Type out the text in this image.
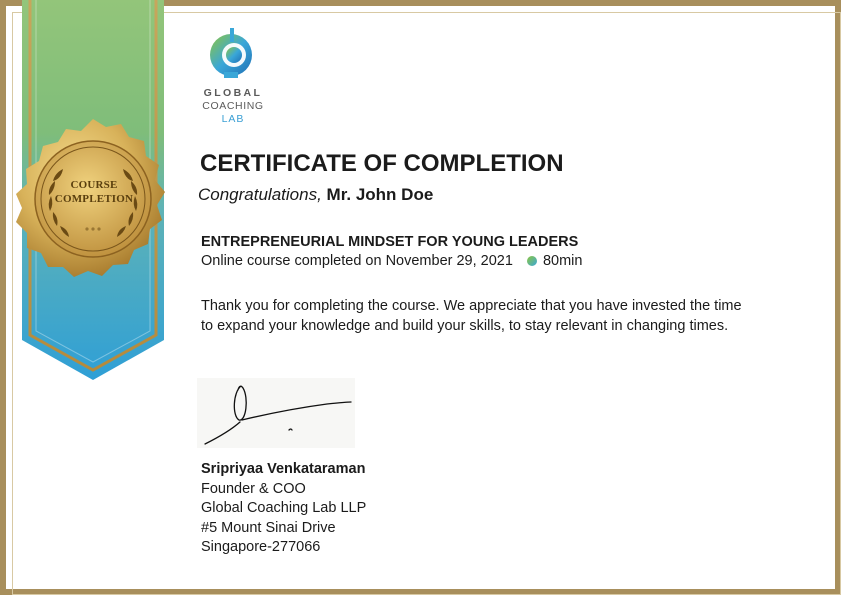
COURSE
COMPLETION
GLOBAL
COACHING
LAB
CERTIFICATE OF COMPLETION
Congratulations, Mr. John Doe
ENTREPRENEURIAL MINDSET FOR YOUNG LEADERS
Online course completed on November 29, 2021 80min

Thank you for completing the course. We appreciate that you have invested the time

to expand your knowledge and build your skills, to stay relevant in changing times.

Sripriyaa Venkataraman
Founder & COO
Global Coaching Lab LLP
#5 Mount Sinai Drive
Singapore-277066
